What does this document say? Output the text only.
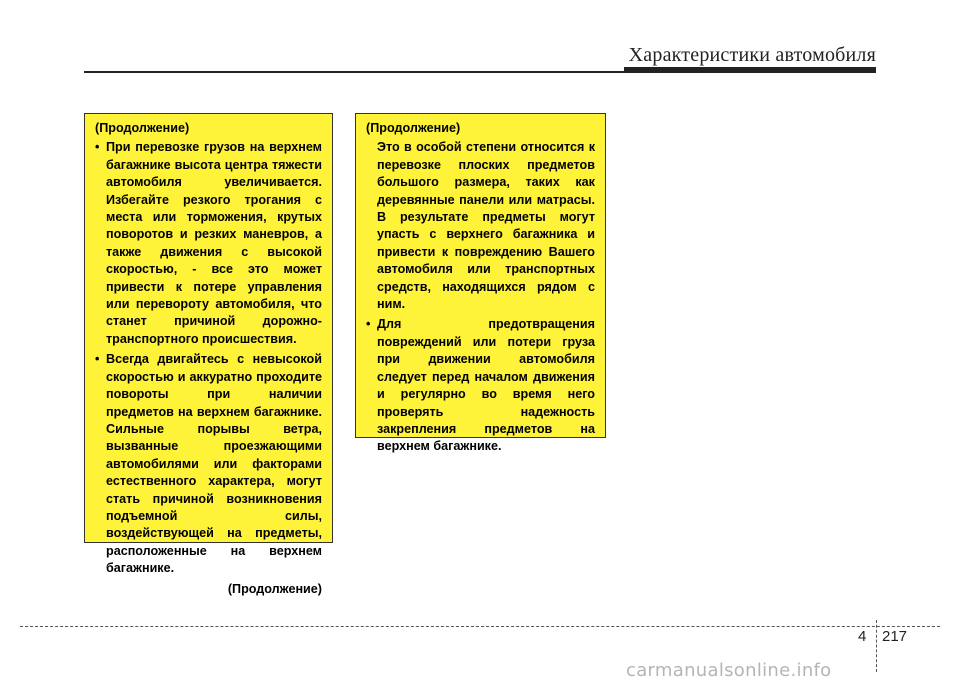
Характеристики автомобиля
(Продолжение)
• При перевозке грузов на верхнем багажнике высота центра тяжести автомобиля увеличивается. Избегайте резкого трогания с места или торможения, крутых поворотов и резких маневров, а также движения с высокой скоростью, - все это может привести к потере управления или перевороту автомобиля, что станет причиной дорожно-транспортного происшествия.
• Всегда двигайтесь с невысокой скоростью и аккуратно проходите повороты при наличии предметов на верхнем багажнике. Сильные порывы ветра, вызванные проезжающими автомобилями или факторами естественного характера, могут стать причиной возникновения подъемной силы, воздействующей на предметы, расположенные на верхнем багажнике.
(Продолжение)
(Продолжение)
Это в особой степени относится к перевозке плоских предметов большого размера, таких как деревянные панели или матрасы. В результате предметы могут упасть с верхнего багажника и привести к повреждению Вашего автомобиля или транспортных средств, находящихся рядом с ним.
• Для предотвращения повреждений или потери груза при движении автомобиля следует перед началом движения и регулярно во время него проверять надежность закрепления предметов на верхнем багажнике.
4 217
carmanualsonline.info
